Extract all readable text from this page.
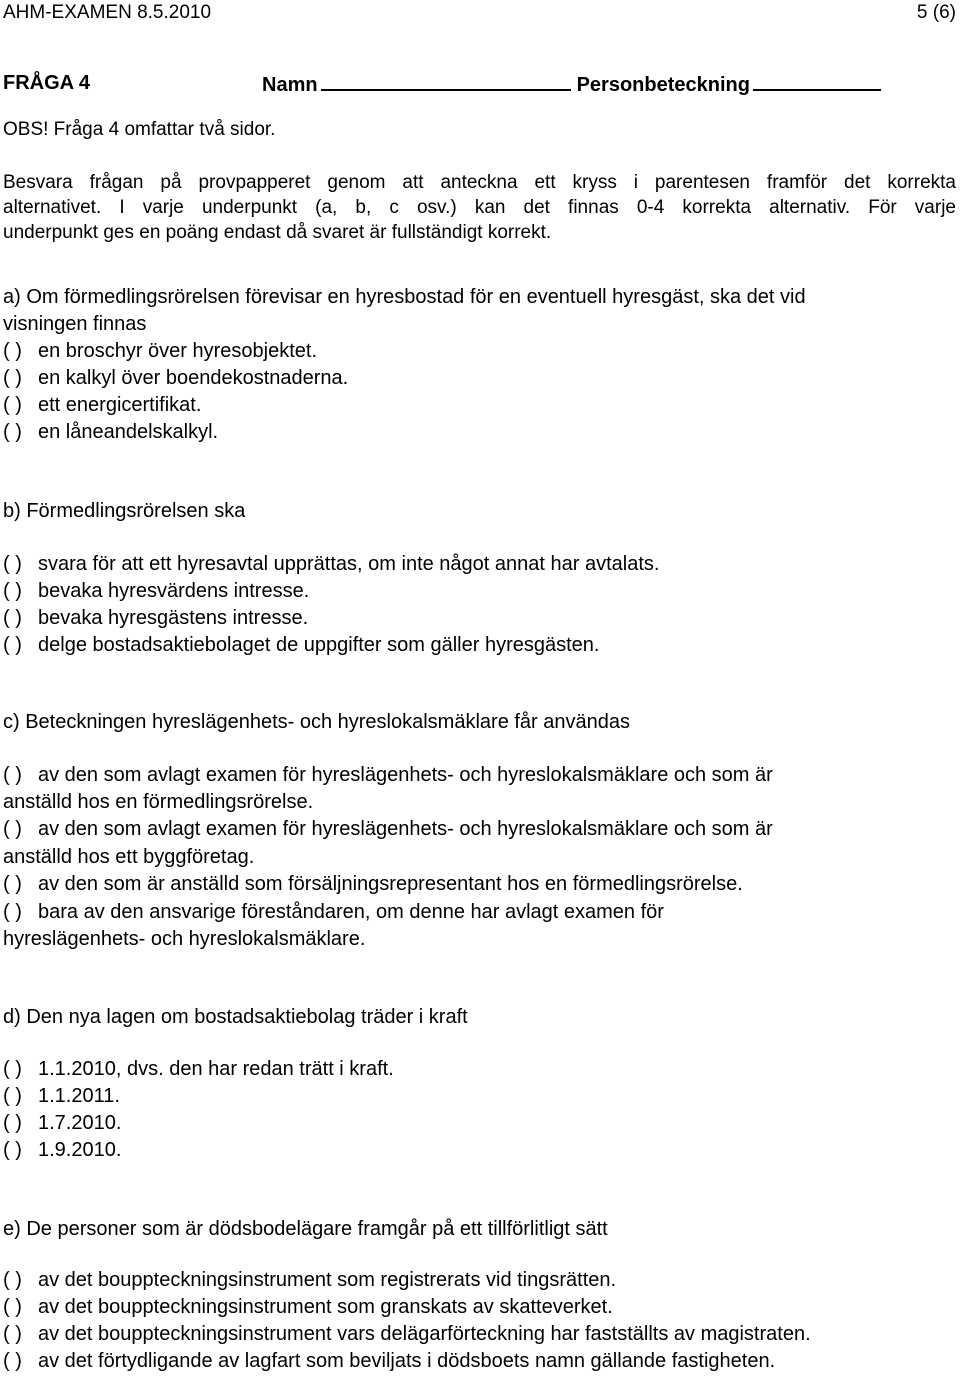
AHM-EXAMEN 8.5.2010	5 (6)
FRÅGA 4	Namn	Personbeteckning
OBS! Fråga 4 omfattar två sidor.
Besvara frågan på provpapperet genom att anteckna ett kryss i parentesen framför det korrekta
alternativet. I varje underpunkt (a, b, c osv.) kan det finnas 0-4 korrekta alternativ. För varje
underpunkt ges en poäng endast då svaret är fullständigt korrekt.
a) Om förmedlingsrörelsen förevisar en hyresbostad för en eventuell hyresgäst, ska det vid
visningen finnas
( ) en broschyr över hyresobjektet.
( ) en kalkyl över boendekostnaderna.
( ) ett energicertifikat.
( ) en låneandelskalkyl.
b) Förmedlingsrörelsen ska
( ) svara för att ett hyresavtal upprättas, om inte något annat har avtalats.
( ) bevaka hyresvärdens intresse.
( ) bevaka hyresgästens intresse.
( ) delge bostadsaktiebolaget de uppgifter som gäller hyresgästen.
c) Beteckningen hyreslägenhets- och hyreslokalsmäklare får användas
( ) av den som avlagt examen för hyreslägenhets- och hyreslokalsmäklare och som är
anställd hos en förmedlingsrörelse.
( ) av den som avlagt examen för hyreslägenhets- och hyreslokalsmäklare och som är
anställd hos ett byggföretag.
( ) av den som är anställd som försäljningsrepresentant hos en förmedlingsrörelse.
( ) bara av den ansvarige föreståndaren, om denne har avlagt examen för
hyreslägenhets- och hyreslokalsmäklare.
d) Den nya lagen om bostadsaktiebolag träder i kraft
( ) 1.1.2010, dvs. den har redan trätt i kraft.
( ) 1.1.2011.
( ) 1.7.2010.
( ) 1.9.2010.
e) De personer som är dödsbodelägare framgår på ett tillförlitligt sätt
( ) av det bouppteckningsinstrument som registrerats vid tingsrätten.
( ) av det bouppteckningsinstrument som granskats av skatteverket.
( ) av det bouppteckningsinstrument vars delägarförteckning har fastställts av magistraten.
( ) av det förtydligande av lagfart som beviljats i dödsboets namn gällande fastigheten.
